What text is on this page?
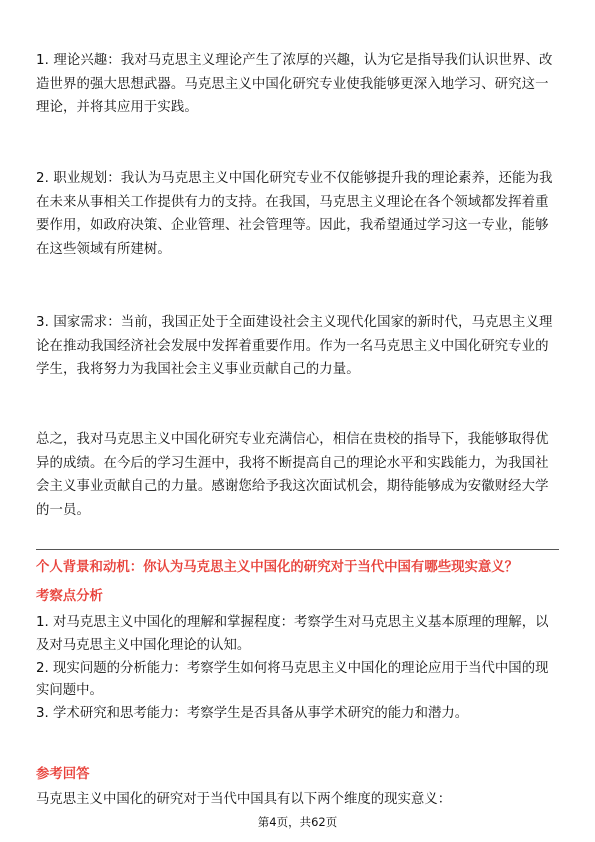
1. 理论兴趣：我对马克思主义理论产生了浓厚的兴趣，认为它是指导我们认识世界、改造世界的强大思想武器。马克思主义中国化研究专业使我能够更深入地学习、研究这一理论，并将其应用于实践。

2. 职业规划：我认为马克思主义中国化研究专业不仅能够提升我的理论素养，还能为我在未来从事相关工作提供有力的支持。在我国，马克思主义理论在各个领域都发挥着重要作用，如政府决策、企业管理、社会管理等。因此，我希望通过学习这一专业，能够在这些领域有所建树。

3. 国家需求：当前，我国正处于全面建设社会主义现代化国家的新时代，马克思主义理论在推动我国经济社会发展中发挥着重要作用。作为一名马克思主义中国化研究专业的学生，我将努力为我国社会主义事业贡献自己的力量。

总之，我对马克思主义中国化研究专业充满信心，相信在贵校的指导下，我能够取得优异的成绩。在今后的学习生涯中，我将不断提高自己的理论水平和实践能力，为我国社会主义事业贡献自己的力量。感谢您给予我这次面试机会，期待能够成为安徽财经大学的一员。

个人背景和动机：你认为马克思主义中国化的研究对于当代中国有哪些现实意义？

考察点分析

1. 对马克思主义中国化的理解和掌握程度：考察学生对马克思主义基本原理的理解，以及对马克思主义中国化理论的认知。
2. 现实问题的分析能力：考察学生如何将马克思主义中国化的理论应用于当代中国的现实问题中。
3. 学术研究和思考能力：考察学生是否具备从事学术研究的能力和潜力。

参考回答

马克思主义中国化的研究对于当代中国具有以下两个维度的现实意义：

第4页，共62页
